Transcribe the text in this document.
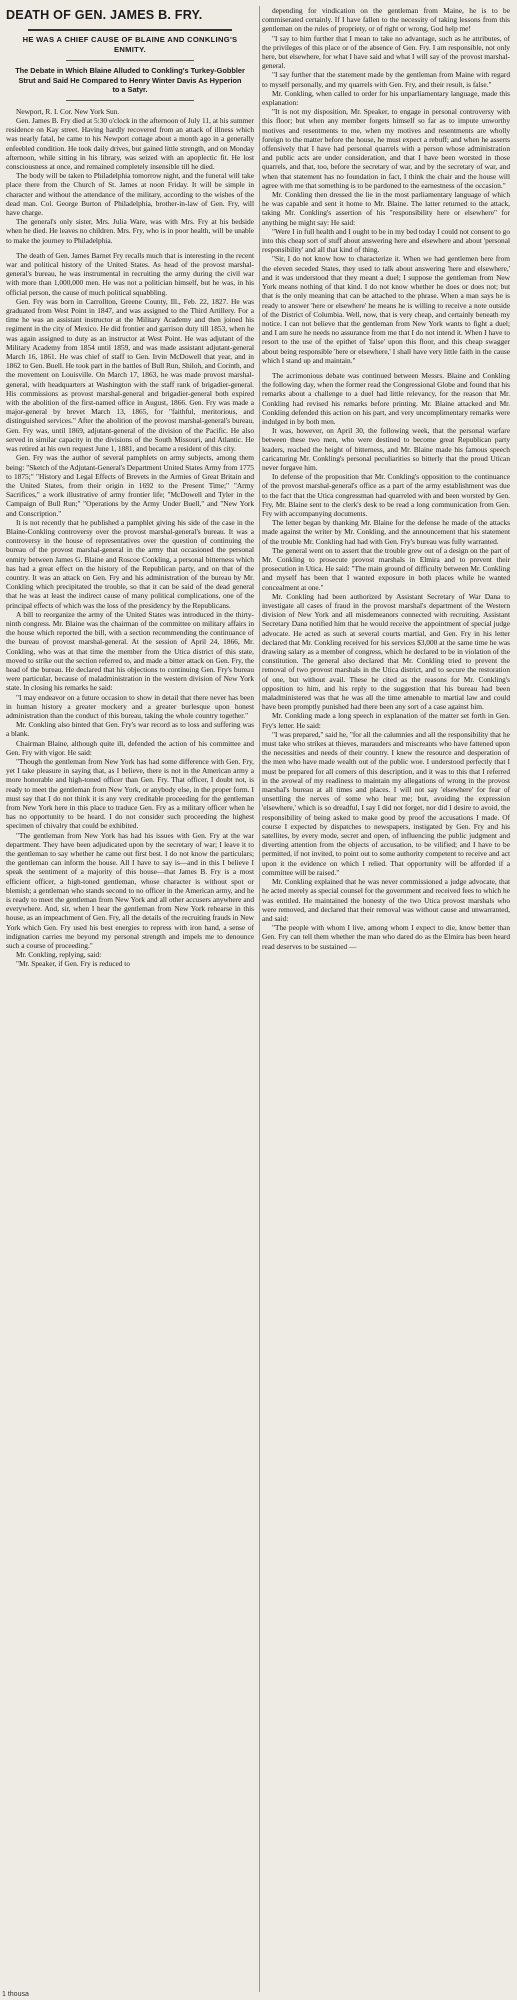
DEATH OF GEN. JAMES B. FRY.
HE WAS A CHIEF CAUSE OF BLAINE AND CONKLING'S ENMITY.
The Debate in Which Blaine Alluded to Conkling's Turkey-Gobbler Strut and Said He Compared to Henry Winter Davis As Hyperion to a Satyr.

Newport, R. I. Cor. New York Sun.

Gen. James B. Fry died at 5:30 o'clock in the afternoon of July 11, at his summer residence on Kay street. Having hardly recovered from an attack of illness which was nearly fatal, he came to his Newport cottage about a month ago in a generally enfeebled condition. He took daily drives, but gained little strength, and on Monday afternoon, while sitting in his library, was seized with an apoplectic fit. He lost consciousness at once, and remained completely insensible till he died.

The body will be taken to Philadelphia tomorrow night, and the funeral will take place there from the Church of St. James at noon Friday. It will be simple in character and without the attendance of the military, according to the wishes of the dead man. Col. George Burton of Philadelphia, brother-in-law of Gen. Fry, will have charge.

The general's only sister, Mrs. Julia Ware, was with Mrs. Fry at his bedside when he died. He leaves no children. Mrs. Fry, who is in poor health, will be unable to make the journey to Philadelphia.

The death of Gen. James Barnet Fry recalls much that is interesting in the recent war and political history of the United States. As head of the provost marshal-general's bureau, he was instrumental in recruiting the army during the civil war with more than 1,000,000 men. He was not a politician himself, but he was, in his official person, the cause of much political squabbling.

Gen. Fry was born in Carrollton, Greene County, Ill., Feb. 22, 1827. He was graduated from West Point in 1847, and was assigned to the Third Artillery. For a time he was an assistant instructor at the Military Academy and then joined his regiment in the city of Mexico. He did frontier and garrison duty till 1853, when he was again assigned to duty as an instructor at West Point. He was adjutant of the Military Academy from 1854 until 1859, and was made assistant adjutant-general March 16, 1861. He was chief of staff to Gen. Irvin McDowell that year, and in 1862 to Gen. Buell. He took part in the battles of Bull Run, Shiloh, and Corinth, and the movement on Louisville. On March 17, 1863, he was made provost marshal-general, with headquarters at Washington with the staff rank of brigadier-general. His commissions as provost marshal-general and brigadier-general both expired with the abolition of the first-named office in August, 1866. Gen. Fry was made a major-general by brevet March 13, 1865, for "faithful, meritorious, and distinguished services." After the abolition of the provost marshal-general's bureau, Gen. Fry was, until 1869, adjutant-general of the division of the Pacific. He also served in similar capacity in the divisions of the South Missouri, and Atlantic. He was retired at his own request June 1, 1881, and became a resident of this city.

Gen. Fry was the author of several pamphlets on army subjects, among them being: "Sketch of the Adjutant-General's Department United States Army from 1775 to 1875;" "History and Legal Effects of Brevets in the Armies of Great Britain and the United States, from their origin in 1692 to the Present Time;" "Army Sacrifices," a work illustrative of army frontier life; "McDowell and Tyler in the Campaign of Bull Run;" "Operations by the Army Under Buell," and "New York and Conscription."

It is not recently that he published a pamphlet giving his side of the case in the Blaine-Conkling controversy over the provost marshal-general's bureau. It was a controversy in the house of representatives over the question of continuing the bureau of the provost marshal-general in the army that occasioned the personal enmity between James G. Blaine and Roscoe Conkling, a personal bitterness which has had a great effect on the history of the Republican party, and on that of the country. It was an attack on Gen. Fry and his administration of the bureau by Mr. Conkling which precipitated the trouble, so that it can be said of the dead general that he was at least the indirect cause of many political complications, one of the principal effects of which was the loss of the presidency by the Republicans.

A bill to reorganize the army of the United States was introduced in the thirty-ninth congress. Mr. Blaine was the chairman of the committee on military affairs in the house which reported the bill, with a section recommending the continuance of the bureau of provost marshal-general. At the session of April 24, 1866, Mr. Conkling, who was at that time the member from the Utica district of this state, moved to strike out the section referred to, and made a bitter attack on Gen. Fry, the head of the bureau. He declared that his objections to continuing Gen. Fry's bureau were particular, because of maladministration in the western division of New York state. In closing his remarks he said:

"I may endeavor on a future occasion to show in detail that there never has been in human history a greater mockery and a greater burlesque upon honest administration than the conduct of this bureau, taking the whole country together."

Mr. Conkling also hinted that Gen. Fry's war record as to loss and suffering was a blank.

Chairman Blaine, although quite ill, defended the action of his committee and Gen. Fry with vigor. He said:

"Though the gentleman from New York has had some difference with Gen. Fry, yet I take pleasure in saying that, as I believe, there is not in the American army a more honorable and high-toned officer than Gen. Fry. That officer, I doubt not, is ready to meet the gentleman from New York, or anybody else, in the proper form. I must say that I do not think it is any very creditable proceeding for the gentleman from New York here in this place to traduce Gen. Fry as a military officer when he has no opportunity to be heard. I do not consider such proceeding the highest specimen of chivalry that could be exhibited.

"The gentleman from New York has had his issues with Gen. Fry at the war department. They have been adjudicated upon by the secretary of war; I leave it to the gentleman to say whether he came out first best. I do not know the particulars; the gentleman can inform the house. All I have to say is—and in this I believe I speak the sentiment of a majority of this house—that James B. Fry is a most efficient officer, a high-toned gentleman, whose character is without spot or blemish; a gentleman who stands second to no officer in the American army, and he is ready to meet the gentleman from New York and all other accusers anywhere and everywhere. And, sir, when I hear the gentleman from New York rehearse in this house, as an impeachment of Gen. Fry, all the details of the recruiting frauds in New York which Gen. Fry used his best energies to repress with iron hand, a sense of indignation carries me beyond my personal strength and impels me to denounce such a course of proceeding."

Mr. Conkling, replying, said:

"Mr. Speaker, if Gen. Fry is reduced to

depending for vindication on the gentleman from Maine, he is to be commiserated certainly. If I have fallen to the necessity of taking lessons from this gentleman on the rules of propriety, or of right or wrong, God help me!

"I say to him further that I mean to take no advantage, such as he attributes, of the privileges of this place or of the absence of Gen. Fry. I am responsible, not only here, but elsewhere, for what I have said and what I will say of the provost marshal-general.

"I say further that the statement made by the gentleman from Maine with regard to myself personally, and my quarrels with Gen. Fry, and their result, is false."

Mr. Conkling, when called to order for his unparliamentary language, made this explanation:

"It is not my disposition, Mr. Speaker, to engage in personal controversy with this floor; but when any member forgets himself so far as to impute unworthy motives and resentments to me, when my motives and resentments are wholly foreign to the matter before the house, he must expect a rebuff; and when he asserts offensively that I have had personal quarrels with a person whose administration and public acts are under consideration, and that I have been worsted in those quarrels, and that, too, before the secretary of war, and by the secretary of war, and when that statement has no foundation in fact, I think the chair and the house will agree with me that something is to be pardoned to the earnestness of the occasion."

Mr. Conkling then dressed the lie in the most parliamentary language of which he was capable and sent it home to Mr. Blaine. The latter returned to the attack, taking Mr. Conkling's assertion of his "responsibility here or elsewhere" for anything he might say: He said:

"Were I in full health and I ought to be in my bed today I could not consent to go into this cheap sort of stuff about answering here and elsewhere and about 'personal responsibility' and all that kind of thing.

"Sir, I do not know how to characterize it. When we had gentlemen here from the eleven seceded States, they used to talk about answering 'here and elsewhere,' and it was understood that they meant a duel; I suppose the gentleman from New York means nothing of that kind. I do not know whether he does or does not; but that is the only meaning that can be attached to the phrase. When a man says he is ready to answer 'here or elsewhere' he means he is willing to receive a note outside of the District of Columbia. Well, now, that is very cheap, and certainly beneath my notice. I can not believe that the gentleman from New York wants to fight a duel; and I am sure he needs no assurance from me that I do not intend it. When I have to resort to the use of the epithet of 'false' upon this floor, and this cheap swagger about being responsible 'here or elsewhere,' I shall have very little faith in the cause which I stand up and maintain."

The acrimonious debate was continued between Messrs. Blaine and Conkling the following day, when the former read the Congressional Globe and found that his remarks about a challenge to a duel had little relevancy, for the reason that Mr. Conkling had revised his remarks before printing. Mr. Blaine attacked and Mr. Conkling defended this action on his part, and very uncomplimentary remarks were indulged in by both men.

It was, however, on April 30, the following week, that the personal warfare between these two men, who were destined to become great Republican party leaders, reached the height of bitterness, and Mr. Blaine made his famous speech caricaturing Mr. Conkling's personal peculiarities so bitterly that the proud Utican never forgave him.

In defense of the proposition that Mr. Conkling's opposition to the continuance of the provost marshal-general's office as a part of the army establishment was due to the fact that the Utica congressman had quarreled with and been worsted by Gen. Fry, Mr. Blaine sent to the clerk's desk to be read a long communication from Gen. Fry with accompanying documents.

The letter began by thanking Mr. Blaine for the defense he made of the attacks made against the writer by Mr. Conkling, and the announcement that his statement of the trouble Mr. Conkling had had with Gen. Fry's bureau was fully warranted.

The general went on to assert that the trouble grew out of a design on the part of Mr. Conkling to prosecute provost marshals in Elmira and to prevent their prosecution in Utica. He said: "The main ground of difficulty between Mr. Conkling and myself has been that I wanted exposure in both places while he wanted concealment at one."

Mr. Conkling had been authorized by Assistant Secretary of War Dana to investigate all cases of fraud in the provost marshal's department of the Western division of New York and all misdemeanors connected with recruiting. Assistant Secretary Dana notified him that he would receive the appointment of special judge advocate. He acted as such at several courts martial, and Gen. Fry in his letter declared that Mr. Conkling received for his services $3,000 at the same time he was drawing salary as a member of congress, which he declared to be in violation of the constitution. The general also declared that Mr. Conkling tried to prevent the removal of two provost marshals in the Utica district, and to secure the restoration of one, but without avail. These he cited as the reasons for Mr. Conkling's opposition to him, and his reply to the suggestion that his bureau had been maladministered was that he was all the time amenable to martial law and could have been promptly punished had there been any sort of a case against him.

Mr. Conkling made a long speech in explanation of the matter set forth in Gen. Fry's letter. He said:

"I was prepared," said he, "for all the calumnies and all the responsibility that he must take who strikes at thieves, marauders and miscreants who have fattened upon the necessities and needs of their country. I knew the resource and desperation of the men who have made wealth out of the public woe. I understood perfectly that I must be prepared for all comers of this description, and it was to this that I referred in the avowal of my readiness to maintain my allegations of wrong in the provost marshal's bureau at all times and places. I will not say 'elsewhere' for fear of unsettling the nerves of some who hear me; but, avoiding the expression 'elsewhere,' which is so dreadful, I say I did not forget, nor did I desire to avoid, the responsibility of being asked to make good by proof the accusations I made. Of course I expected by dispatches to newspapers, instigated by Gen. Fry and his satellites, by every mode, secret and open, of influencing the public judgment and diverting attention from the objects of accusation, to be vilified; and I have to be permitted, if not invited, to point out to some authority competent to receive and act upon it the evidence on which I relied. That opportunity will be afforded if a committee will be raised."

Mr. Conkling explained that he was never commissioned a judge advocate, that he acted merely as special counsel for the government and received fees to which he was entitled. He maintained the honesty of the two Utica provost marshals who were removed, and declared that their removal was without cause and unwarranted, and said:

"The people with whom I live, among whom I expect to die, know better than Gen. Fry can tell them whether the man who dared do as the Elmira has been heard read deserves to be sustained —

1 thousa
